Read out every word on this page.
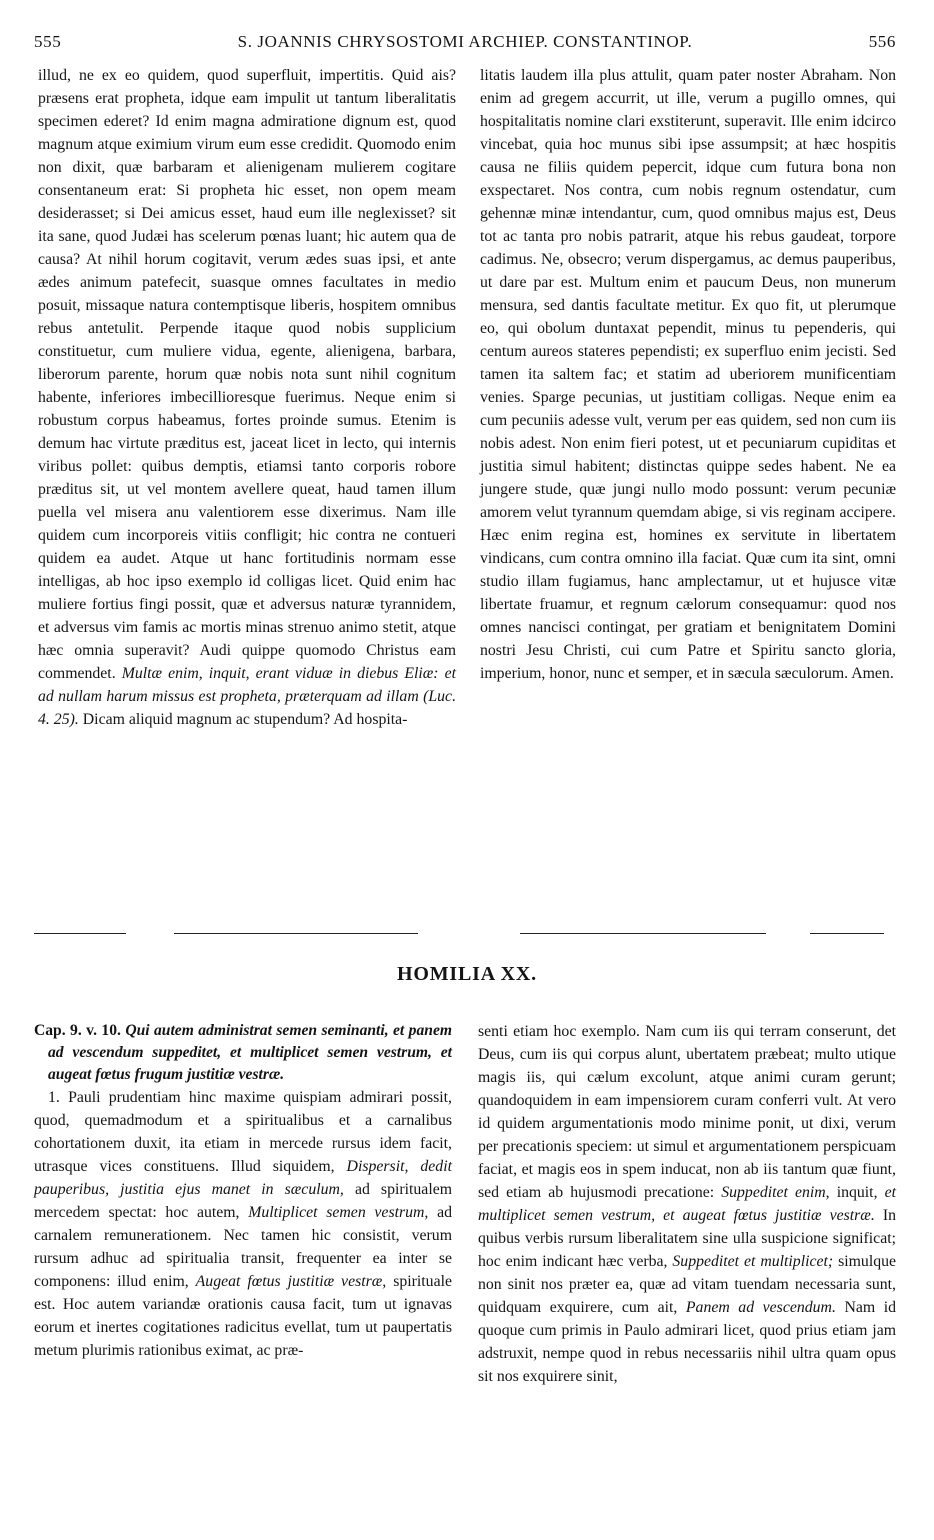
555	S. JOANNIS CHRYSOSTOMI ARCHIEP. CONSTANTINOP.	556

illud, ne ex eo quidem, quod superfluit, impertitis. Quid ais? præsens erat propheta, idque eam impulit ut tantum liberalitatis specimen ederet? Id enim magna admiratione dignum est, quod magnum atque eximium virum eum esse credidit. Quomodo enim non dixit, quæ barbaram et alienigenam mulierem cogitare consentaneum erat: Si propheta hic esset, non opem meam desiderasset; si Dei amicus esset, haud eum ille neglexisset? sit ita sane, quod Judæi has scelerum pœnas luant; hic autem qua de causa? At nihil horum cogitavit, verum ædes suas ipsi, et ante ædes animum patefecit, suasque omnes facultates in medio posuit, missaque natura contemptisque liberis, hospitem omnibus rebus antetulit. Perpende itaque quod nobis supplicium constituetur, cum muliere vidua, egente, alienigena, barbara, liberorum parente, horum quæ nobis nota sunt nihil cognitum habente, inferiores imbecillioresque fuerimus. Neque enim si robustum corpus habeamus, fortes proinde sumus. Etenim is demum hac virtute præditus est, jaceat licet in lecto, qui internis viribus pollet: quibus demptis, etiamsi tanto corporis robore præditus sit, ut vel montem avellere queat, haud tamen illum puella vel misera anu valentiorem esse dixerimus. Nam ille quidem cum incorporeis vitiis confligit; hic contra ne contueri quidem ea audet. Atque ut hanc fortitudinis normam esse intelligas, ab hoc ipso exemplo id colligas licet. Quid enim hac muliere fortius fingi possit, quæ et adversus naturæ tyrannidem, et adversus vim famis ac mortis minas strenuo animo stetit, atque hæc omnia superavit? Audi quippe quomodo Christus eam commendet. Multæ enim, inquit, erant viduæ in diebus Eliæ: et ad nullam harum missus est propheta, præterquam ad illam (Luc. 4. 25). Dicam aliquid magnum ac stupendum? Ad hospita-

litatis laudem illa plus attulit, quam pater noster Abraham. Non enim ad gregem accurrit, ut ille, verum a pugillo omnes, qui hospitalitatis nomine clari exstiterunt, superavit. Ille enim idcirco vincebat, quia hoc munus sibi ipse assumpsit; at hæc hospitis causa ne filiis quidem pepercit, idque cum futura bona non exspectaret. Nos contra, cum nobis regnum ostendatur, cum gehennæ minæ intendantur, cum, quod omnibus majus est, Deus tot ac tanta pro nobis patrarit, atque his rebus gaudeat, torpore cadimus. Ne, obsecro; verum dispergamus, ac demus pauperibus, ut dare par est. Multum enim et paucum Deus, non munerum mensura, sed dantis facultate metitur. Ex quo fit, ut plerumque eo, qui obolum duntaxat pependit, minus tu pependeris, qui centum aureos stateres pependisti; ex superfluo enim jecisti. Sed tamen ita saltem fac; et statim ad uberiorem munificentiam venies. Sparge pecunias, ut justitiam colligas. Neque enim ea cum pecuniis adesse vult, verum per eas quidem, sed non cum iis nobis adest. Non enim fieri potest, ut et pecuniarum cupiditas et justitia simul habitent; distinctas quippe sedes habent. Ne ea jungere stude, quæ jungi nullo modo possunt: verum pecuniæ amorem velut tyrannum quemdam abige, si vis reginam accipere. Hæc enim regina est, homines ex servitute in libertatem vindicans, cum contra omnino illa faciat. Quæ cum ita sint, omni studio illam fugiamus, hanc amplectamur, ut et hujusce vitæ libertate fruamur, et regnum cælorum consequamur: quod nos omnes nancisci contingat, per gratiam et benignitatem Domini nostri Jesu Christi, cui cum Patre et Spiritu sancto gloria, imperium, honor, nunc et semper, et in sæcula sæculorum. Amen.

HOMILIA XX.

Cap. 9. v. 10. Qui autem administrat semen seminanti, et panem ad vescendum suppeditet, et multiplicet semen vestrum, et augeat fœtus frugum justitiæ vestræ.

1. Pauli prudentiam hinc maxime quispiam admirari possit, quod, quemadmodum et a spiritualibus et a carnalibus cohortationem duxit, ita etiam in mercede rursus idem facit, utrasque vices constituens. Illud siquidem, Dispersit, dedit pauperibus, justitia ejus manet in sæculum, ad spiritualem mercedem spectat: hoc autem, Multiplicet semen vestrum, ad carnalem remunerationem. Nec tamen hic consistit, verum rursum adhuc ad spiritualia transit, frequenter ea inter se componens: illud enim, Augeat fœtus justitiæ vestræ, spirituale est. Hoc autem variandæ orationis causa facit, tum ut ignavas eorum et inertes cogitationes radicitus evellat, tum ut paupertatis metum plurimis rationibus eximat, ac præ-

senti etiam hoc exemplo. Nam cum iis qui terram conserunt, det Deus, cum iis qui corpus alunt, ubertatem præbeat; multo utique magis iis, qui cælum excolunt, atque animi curam gerunt; quandoquidem in eam impensiorem curam conferri vult. At vero id quidem argumentationis modo minime ponit, ut dixi, verum per precationis speciem: ut simul et argumentationem perspicuam faciat, et magis eos in spem inducat, non ab iis tantum quæ fiunt, sed etiam ab hujusmodi precatione: Suppeditet enim, inquit, et multiplicet semen vestrum, et augeat fœtus justitiæ vestræ. In quibus verbis rursum liberalitatem sine ulla suspicione significat; hoc enim indicant hæc verba, Suppeditet et multiplicet; simulque non sinit nos præter ea, quæ ad vitam tuendam necessaria sunt, quidquam exquirere, cum ait, Panem ad vescendum. Nam id quoque cum primis in Paulo admirari licet, quod prius etiam jam adstruxit, nempe quod in rebus necessariis nihil ultra quam opus sit nos exquirere sinit,
